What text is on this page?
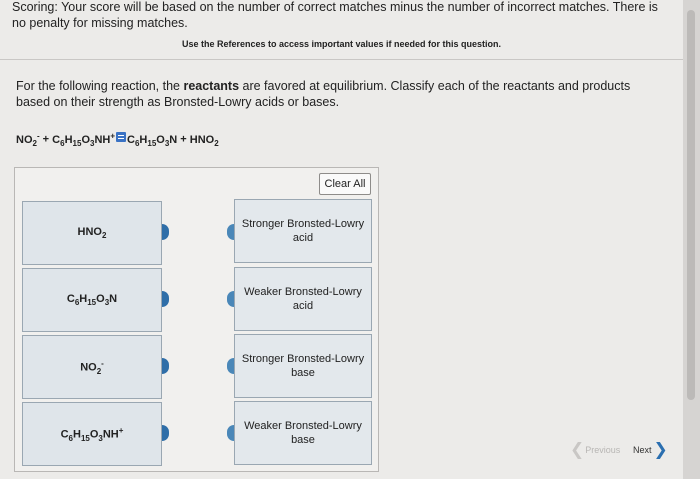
Scoring: Your score will be based on the number of correct matches minus the number of incorrect matches. There is no penalty for missing matches.
Use the References to access important values if needed for this question.
For the following reaction, the reactants are favored at equilibrium. Classify each of the reactants and products based on their strength as Bronsted-Lowry acids or bases.
$NO_2^- + C_6H_{15}O_3NH^+$ $C_6H_{15}O_3N + HNO_2$
Clear All
$HNO_2$
$C_6H_{15}O_3N$
$NO_2^-$
$C_6H_{15}O_3NH^+$
Stronger Bronsted-Lowry acid
Weaker Bronsted-Lowry acid
Stronger Bronsted-Lowry base
Weaker Bronsted-Lowry base	❮ Previous Next ❯
